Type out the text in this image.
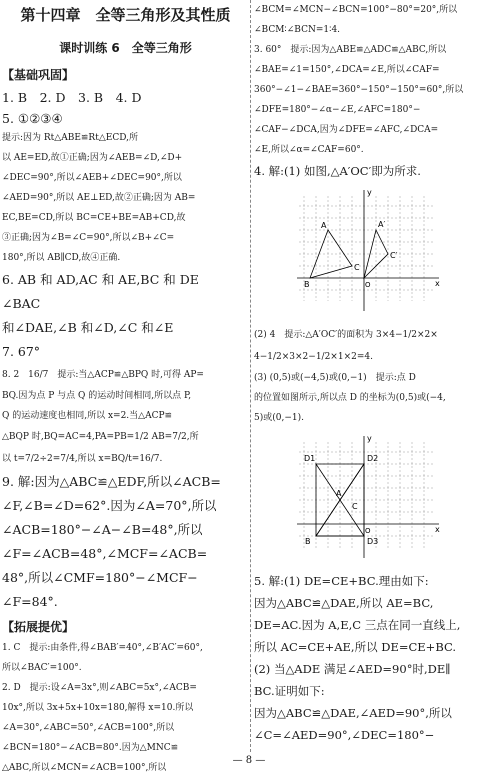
第十四章　全等三角形及其性质
课时训练 6　全等三角形
【基础巩固】

1. B　2. D　3. B　4. D

5. ①②③④

提示:因为 Rt△ABE≌Rt△ECD,所

以 AE=ED,故①正确;因为∠AEB=∠D,∠D+

∠DEC=90°,所以∠AEB+∠DEC=90°,所以

∠AED=90°,所以 AE⊥ED,故②正确;因为 AB=

EC,BE=CD,所以 BC=CE+BE=AB+CD,故

③正确;因为∠B=∠C=90°,所以∠B+∠C=

180°,所以 AB∥CD,故④正确.

6. AB 和 AD,AC 和 AE,BC 和 DE　∠BAC

和∠DAE,∠B 和∠D,∠C 和∠E

7. 67°

8. 2　16/7　提示:当△ACP≌△BPQ 时,可得 AP=

BQ.因为点 P 与点 Q 的运动时间相同,所以点 P,

Q 的运动速度也相同,所以 x=2.当△ACP≌

△BQP 时,BQ=AC=4,PA=PB=1/2 AB=7/2,所

以 t=7/2÷2=7/4,所以 x=BQ/t=16/7.

9. 解:因为△ABC≌△EDF,所以∠ACB=

∠F,∠B=∠D=62°.因为∠A=70°,所以

∠ACB=180°−∠A−∠B=48°,所以

∠F=∠ACB=48°,∠MCF=∠ACB=

48°,所以∠CMF=180°−∠MCF−

∠F=84°.

【拓展提优】

1. C　提示:由条件,得∠BAB′=40°,∠B′AC′=60°,

所以∠BAC′=100°.

2. D　提示:设∠A=3x°,则∠ABC=5x°,∠ACB=

10x°,所以 3x+5x+10x=180,解得 x=10.所以

∠A=30°,∠ABC=50°,∠ACB=100°,所以

∠BCN=180°−∠ACB=80°.因为△MNC≌

△ABC,所以∠MCN=∠ACB=100°,所以

∠BCM=∠MCN−∠BCN=100°−80°=20°,所以

∠BCM∶∠BCN=1∶4.

3. 60°　提示:因为△ABE≌△ADC≌△ABC,所以

∠BAE=∠1=150°,∠DCA=∠E,所以∠CAF=

360°−∠1−∠BAE=360°−150°−150°=60°,所以

∠DFE=180°−∠α−∠E,∠AFC=180°−

∠CAF−∠DCA,因为∠DFE=∠AFC,∠DCA=

∠E,所以∠α=∠CAF=60°.

4. 解:(1) 如图,△A′OC′即为所求.

y
x
O
A	A′
C
C′
B

(2) 4　提示:△A′OC′的面积为 3×4−1/2×2×

4−1/2×3×2−1/2×1×2=4.

(3) (0,5)或(−4,5)或(0,−1)　提示:点 D

的位置如图所示,所以点 D 的坐标为(0,5)或(−4,

5)或(0,−1).

y
x
O
D1	D2
A
C
D3
B

5. 解:(1) DE=CE+BC.理由如下:

因为△ABC≌△DAE,所以 AE=BC,

DE=AC.因为 A,E,C 三点在同一直线上,

所以 AC=CE+AE,所以 DE=CE+BC.

(2) 当△ADE 满足∠AED=90°时,DE∥

BC.证明如下:

因为△ABC≌△DAE,∠AED=90°,所以

∠C=∠AED=90°,∠DEC=180°−

— 8 —
